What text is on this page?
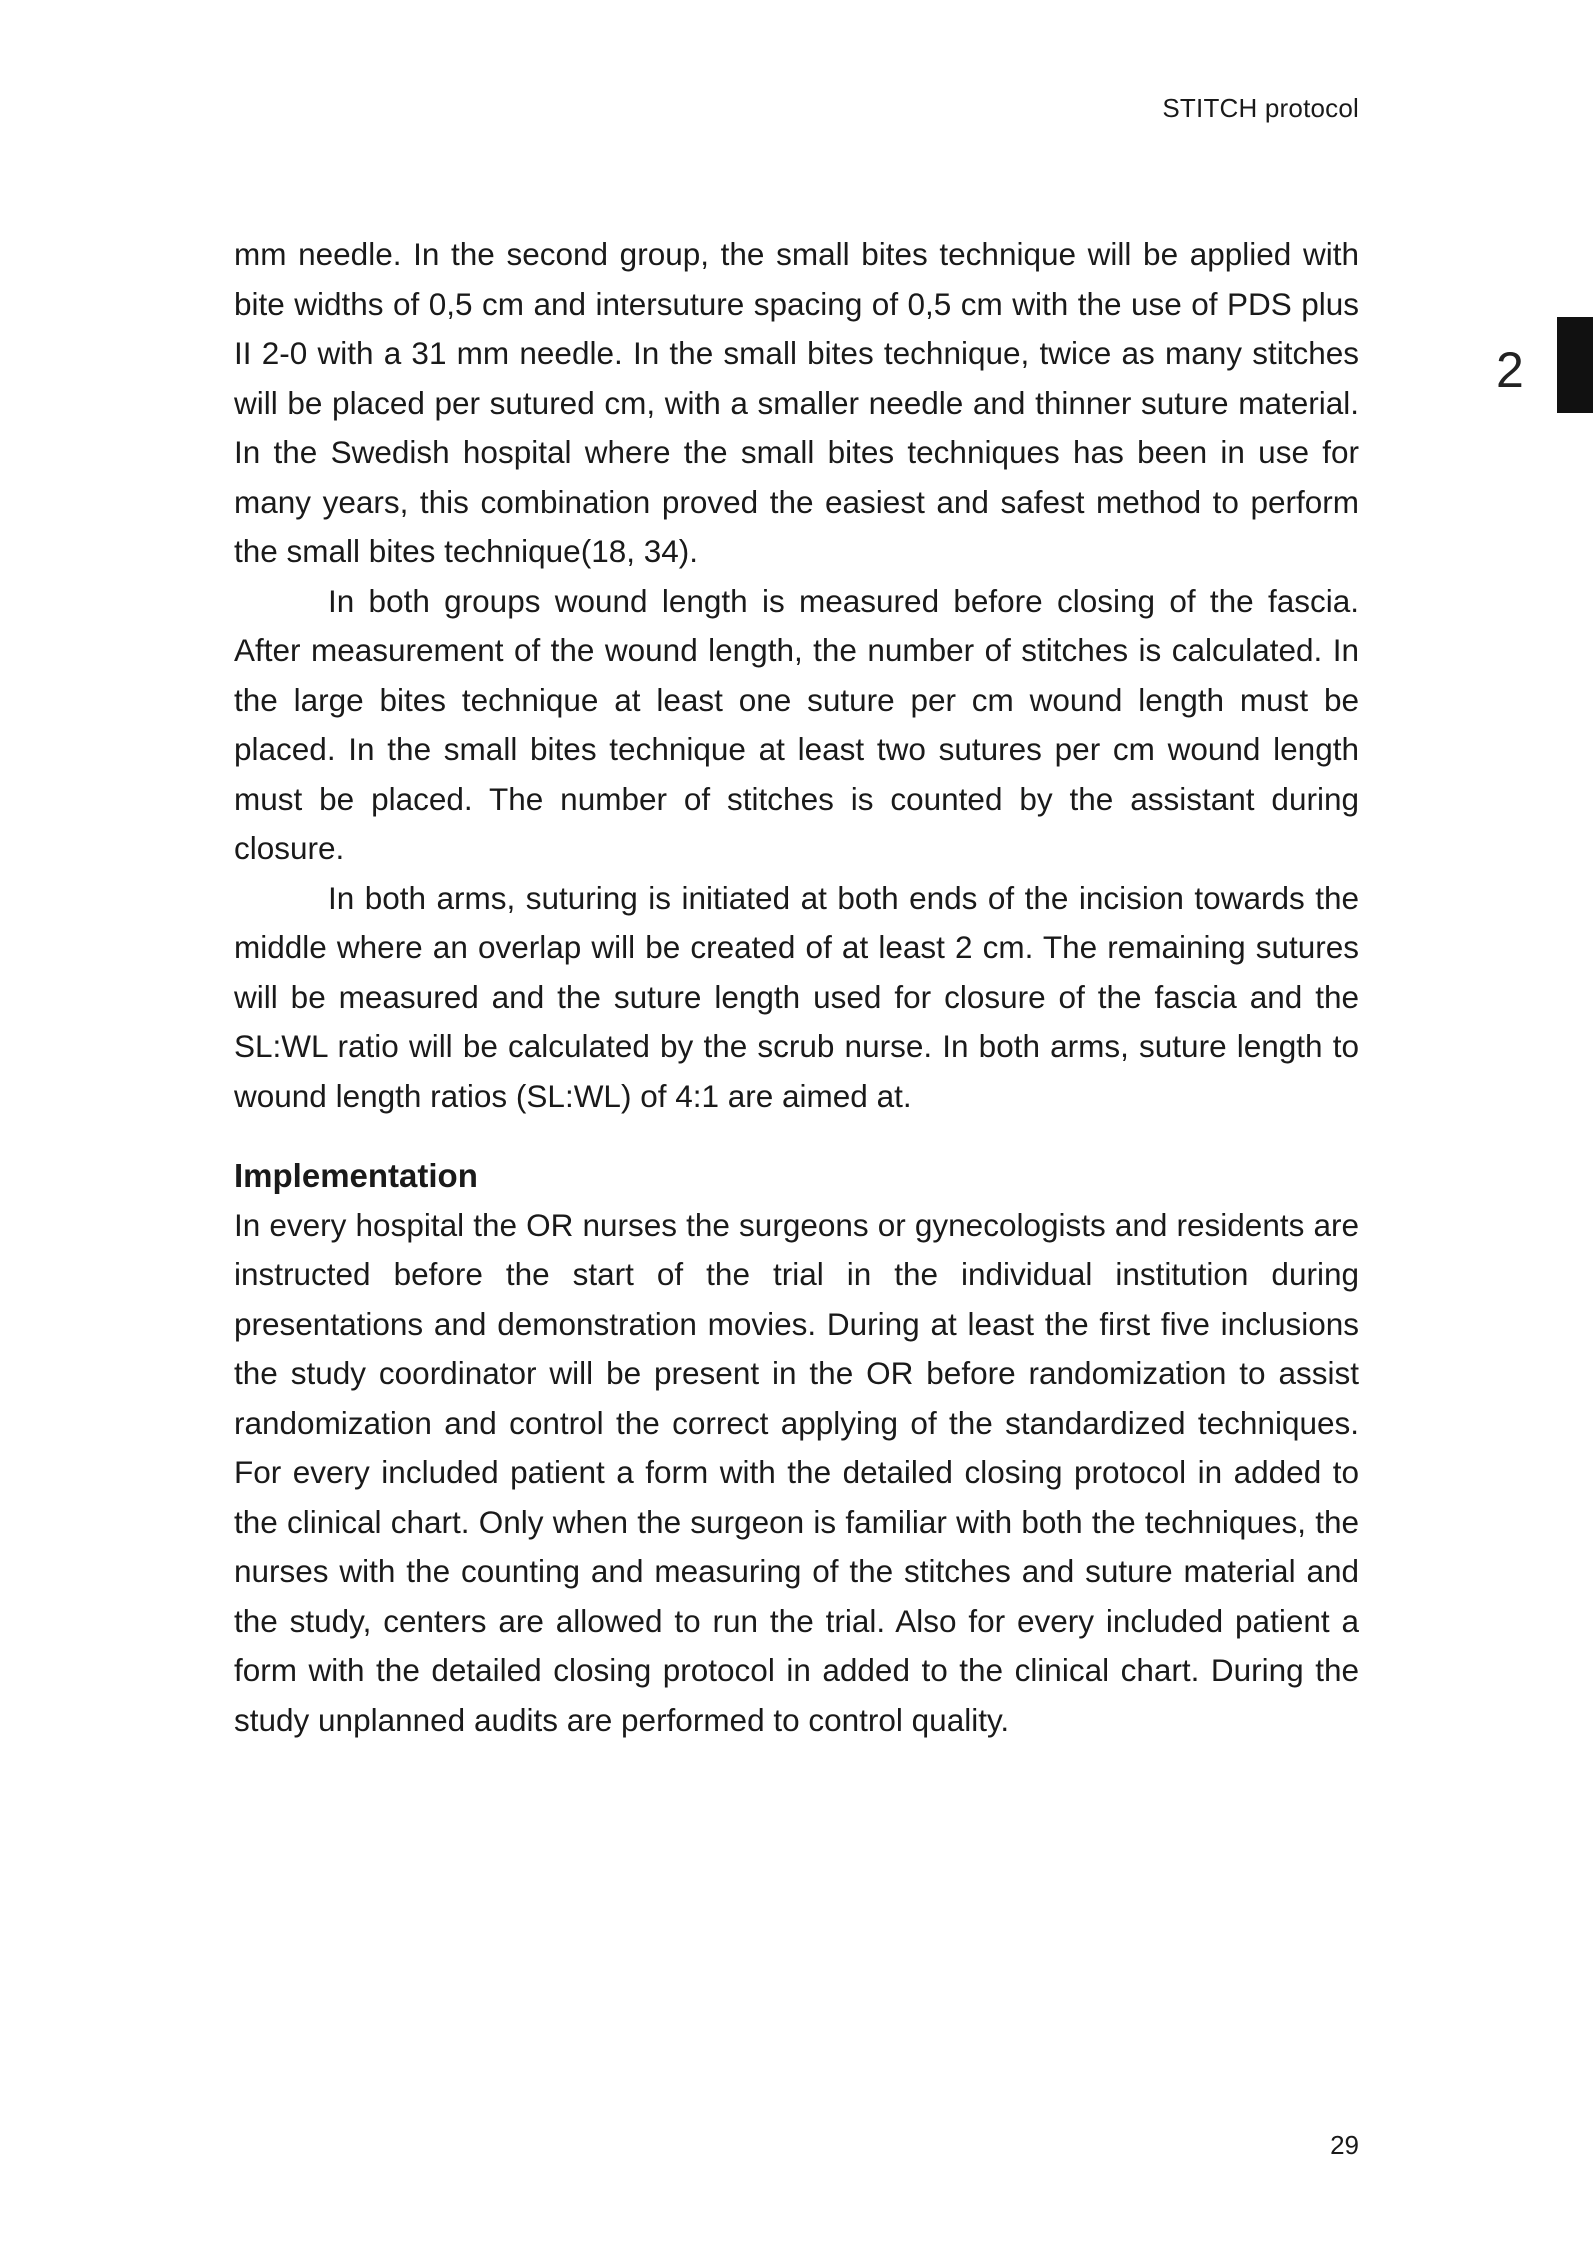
STITCH protocol
2

mm needle. In the second group, the small bites technique will be applied with bite widths of 0,5 cm and intersuture spacing of 0,5 cm with the use of PDS plus II 2-0 with a 31 mm needle. In the small bites technique, twice as many stitches will be placed per sutured cm, with a smaller needle and thinner suture material. In the Swedish hospital where the small bites techniques has been in use for many years, this combination proved the easiest and safest method to perform the small bites technique(18, 34).

In both groups wound length is measured before closing of the fascia. After measurement of the wound length, the number of stitches is calculated. In the large bites technique at least one suture per cm wound length must be placed. In the small bites technique at least two sutures per cm wound length must be placed. The number of stitches is counted by the assistant during closure.

In both arms, suturing is initiated at both ends of the incision towards the middle where an overlap will be created of at least 2 cm. The remaining sutures will be measured and the suture length used for closure of the fascia and the SL:WL ratio will be calculated by the scrub nurse. In both arms, suture length to wound length ratios (SL:WL) of 4:1 are aimed at.

Implementation

In every hospital the OR nurses the surgeons or gynecologists and residents are instructed before the start of the trial in the individual institution during presentations and demonstration movies. During at least the first five inclusions the study coordinator will be present in the OR before randomization to assist randomization and control the correct applying of the standardized techniques. For every included patient a form with the detailed closing protocol in added to the clinical chart. Only when the surgeon is familiar with both the techniques, the nurses with the counting and measuring of the stitches and suture material and the study, centers are allowed to run the trial. Also for every included patient a form with the detailed closing protocol in added to the clinical chart. During the study unplanned audits are performed to control quality.

29
